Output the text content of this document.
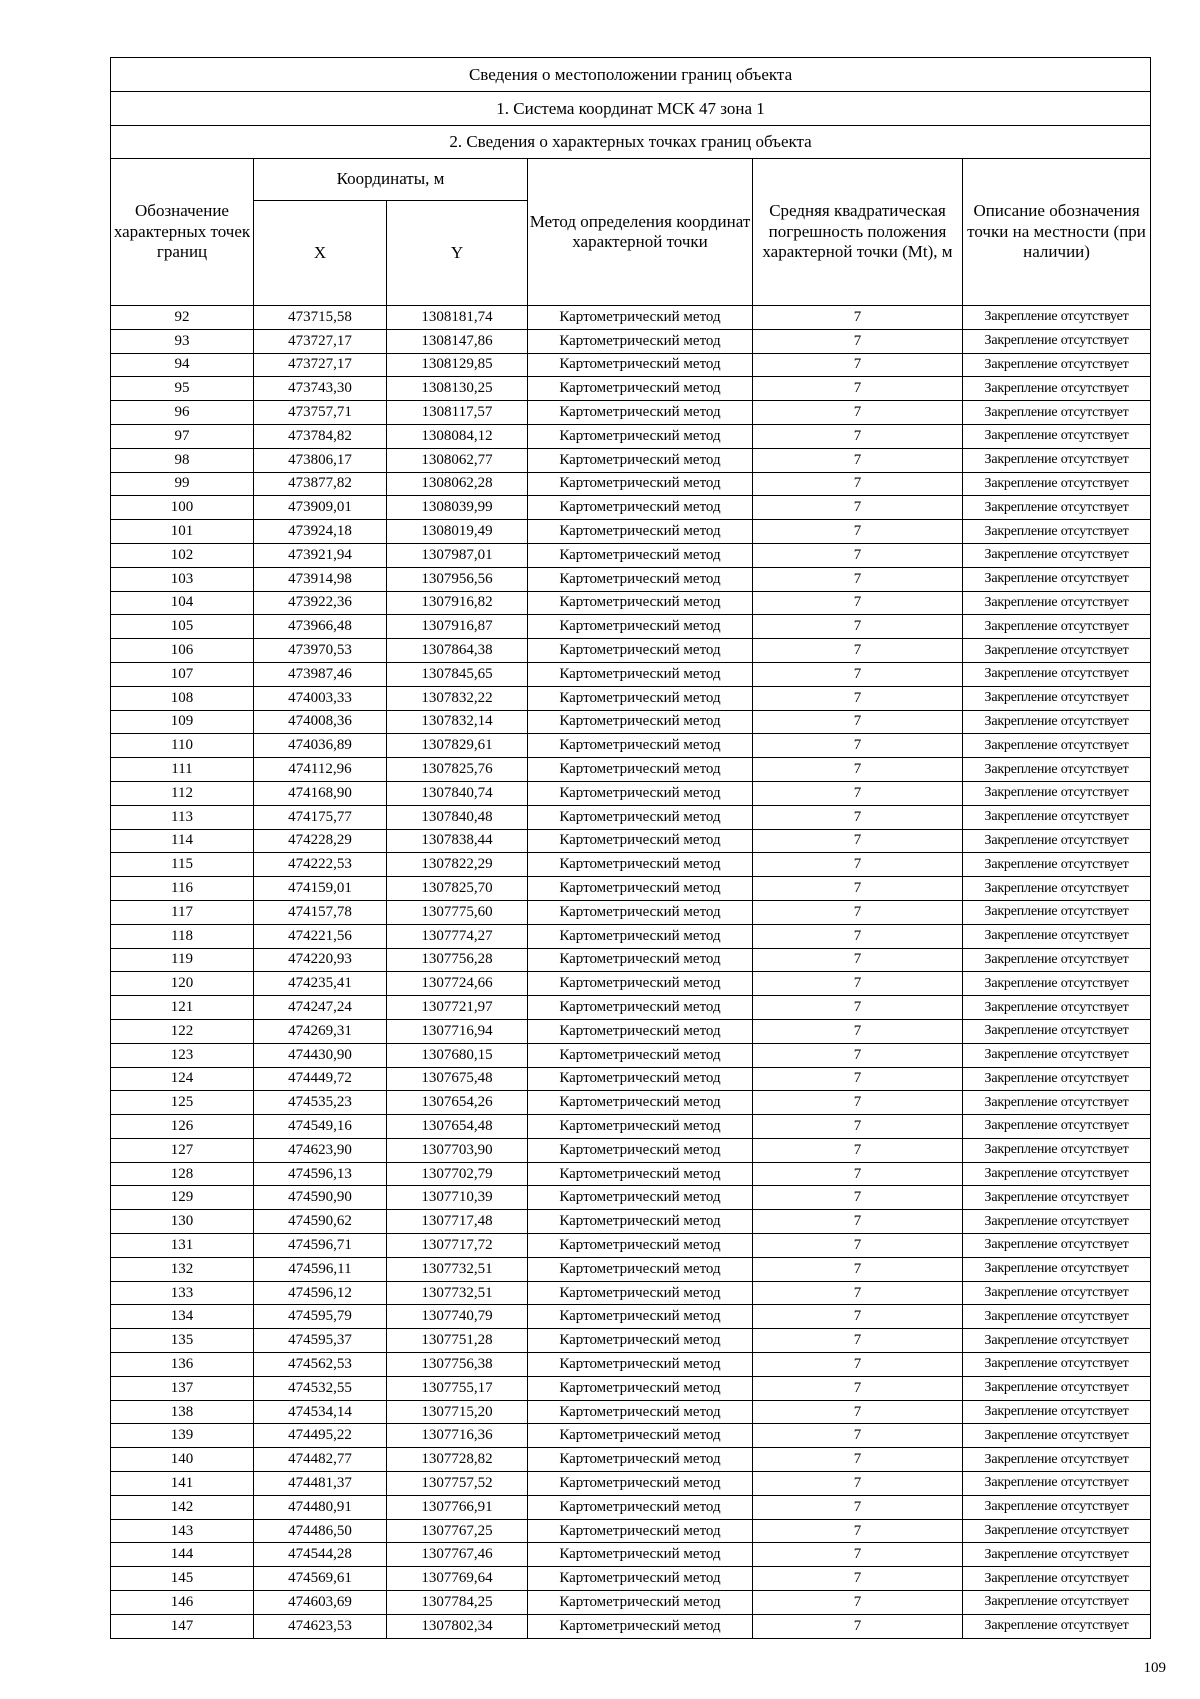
Сведения о местоположении границ объекта					
1. Система координат МСК 47 зона 1					
2. Сведения о характерных точках границ объекта					
Обозначение характерных точек границ	Координаты, м		Метод определения координат характерной точки	Средняя квадратическая погрешность положения характерной точки (Mt), м	Описание обозначения точки на местности (при наличии)
	X	Y			
92	473715,58	1308181,74	Картометрический метод	7	Закрепление отсутствует
93	473727,17	1308147,86	Картометрический метод	7	Закрепление отсутствует
94	473727,17	1308129,85	Картометрический метод	7	Закрепление отсутствует
95	473743,30	1308130,25	Картометрический метод	7	Закрепление отсутствует
96	473757,71	1308117,57	Картометрический метод	7	Закрепление отсутствует
97	473784,82	1308084,12	Картометрический метод	7	Закрепление отсутствует
98	473806,17	1308062,77	Картометрический метод	7	Закрепление отсутствует
99	473877,82	1308062,28	Картометрический метод	7	Закрепление отсутствует
100	473909,01	1308039,99	Картометрический метод	7	Закрепление отсутствует
101	473924,18	1308019,49	Картометрический метод	7	Закрепление отсутствует
102	473921,94	1307987,01	Картометрический метод	7	Закрепление отсутствует
103	473914,98	1307956,56	Картометрический метод	7	Закрепление отсутствует
104	473922,36	1307916,82	Картометрический метод	7	Закрепление отсутствует
105	473966,48	1307916,87	Картометрический метод	7	Закрепление отсутствует
106	473970,53	1307864,38	Картометрический метод	7	Закрепление отсутствует
107	473987,46	1307845,65	Картометрический метод	7	Закрепление отсутствует
108	474003,33	1307832,22	Картометрический метод	7	Закрепление отсутствует
109	474008,36	1307832,14	Картометрический метод	7	Закрепление отсутствует
110	474036,89	1307829,61	Картометрический метод	7	Закрепление отсутствует
111	474112,96	1307825,76	Картометрический метод	7	Закрепление отсутствует
112	474168,90	1307840,74	Картометрический метод	7	Закрепление отсутствует
113	474175,77	1307840,48	Картометрический метод	7	Закрепление отсутствует
114	474228,29	1307838,44	Картометрический метод	7	Закрепление отсутствует
115	474222,53	1307822,29	Картометрический метод	7	Закрепление отсутствует
116	474159,01	1307825,70	Картометрический метод	7	Закрепление отсутствует
117	474157,78	1307775,60	Картометрический метод	7	Закрепление отсутствует
118	474221,56	1307774,27	Картометрический метод	7	Закрепление отсутствует
119	474220,93	1307756,28	Картометрический метод	7	Закрепление отсутствует
120	474235,41	1307724,66	Картометрический метод	7	Закрепление отсутствует
121	474247,24	1307721,97	Картометрический метод	7	Закрепление отсутствует
122	474269,31	1307716,94	Картометрический метод	7	Закрепление отсутствует
123	474430,90	1307680,15	Картометрический метод	7	Закрепление отсутствует
124	474449,72	1307675,48	Картометрический метод	7	Закрепление отсутствует
125	474535,23	1307654,26	Картометрический метод	7	Закрепление отсутствует
126	474549,16	1307654,48	Картометрический метод	7	Закрепление отсутствует
127	474623,90	1307703,90	Картометрический метод	7	Закрепление отсутствует
128	474596,13	1307702,79	Картометрический метод	7	Закрепление отсутствует
129	474590,90	1307710,39	Картометрический метод	7	Закрепление отсутствует
130	474590,62	1307717,48	Картометрический метод	7	Закрепление отсутствует
131	474596,71	1307717,72	Картометрический метод	7	Закрепление отсутствует
132	474596,11	1307732,51	Картометрический метод	7	Закрепление отсутствует
133	474596,12	1307732,51	Картометрический метод	7	Закрепление отсутствует
134	474595,79	1307740,79	Картометрический метод	7	Закрепление отсутствует
135	474595,37	1307751,28	Картометрический метод	7	Закрепление отсутствует
136	474562,53	1307756,38	Картометрический метод	7	Закрепление отсутствует
137	474532,55	1307755,17	Картометрический метод	7	Закрепление отсутствует
138	474534,14	1307715,20	Картометрический метод	7	Закрепление отсутствует
139	474495,22	1307716,36	Картометрический метод	7	Закрепление отсутствует
140	474482,77	1307728,82	Картометрический метод	7	Закрепление отсутствует
141	474481,37	1307757,52	Картометрический метод	7	Закрепление отсутствует
142	474480,91	1307766,91	Картометрический метод	7	Закрепление отсутствует
143	474486,50	1307767,25	Картометрический метод	7	Закрепление отсутствует
144	474544,28	1307767,46	Картометрический метод	7	Закрепление отсутствует
145	474569,61	1307769,64	Картометрический метод	7	Закрепление отсутствует
146	474603,69	1307784,25	Картометрический метод	7	Закрепление отсутствует
147	474623,53	1307802,34	Картометрический метод	7	Закрепление отсутствует
109
